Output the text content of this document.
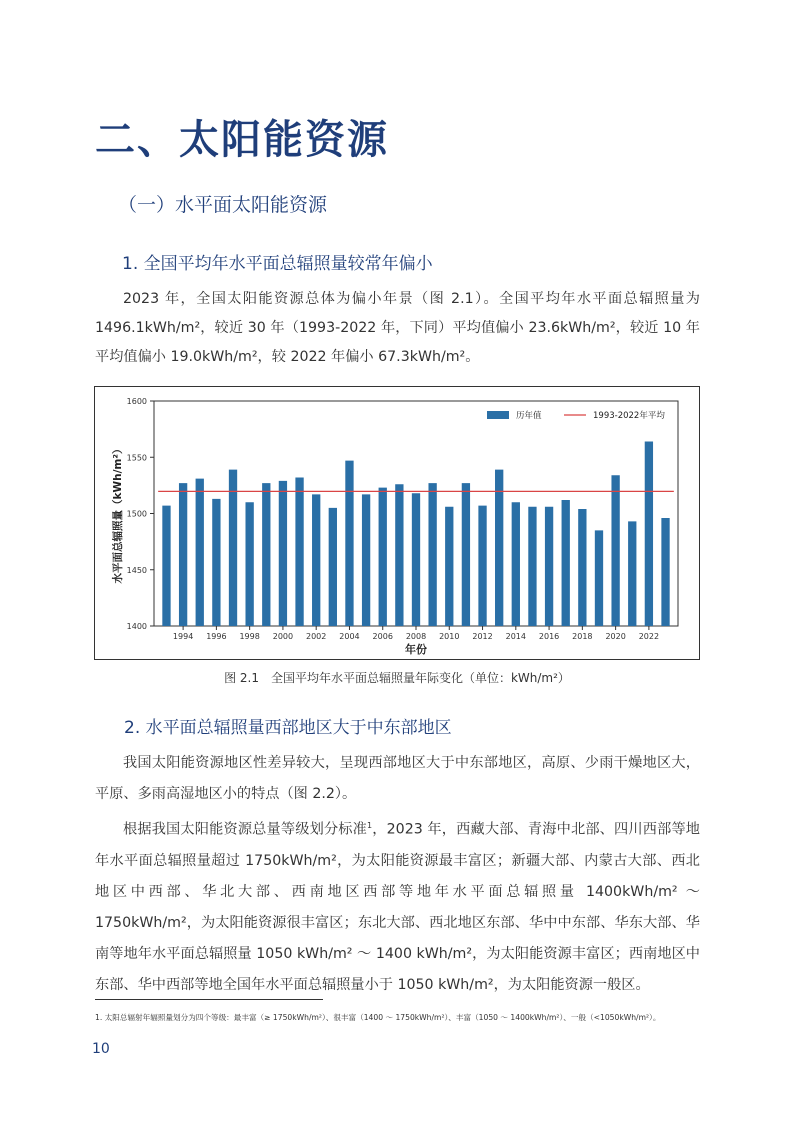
二、太阳能资源
（一）水平面太阳能资源
1. 全国平均年水平面总辐照量较常年偏小

2023 年，全国太阳能资源总体为偏小年景（图 2.1）。全国平均年水平面总辐照量为 1496.1kWh/m²，较近 30 年（1993-2022 年，下同）平均值偏小 23.6kWh/m²，较近 10 年平均值偏小 19.0kWh/m²，较 2022 年偏小 67.3kWh/m²。

1400
1450
1500
1550
1600
1994 1996 1998 2000 2002 2004 2006 2008 2010 2012 2014 2016 2018 2020 2022
年份
水平面总辐照量（kWh/m²）
历年值	1993-2022年平均
图 2.1　全国平均年水平面总辐照量年际变化（单位：kWh/m²）
2. 水平面总辐照量西部地区大于中东部地区

我国太阳能资源地区性差异较大，呈现西部地区大于中东部地区，高原、少雨干燥地区大，平原、多雨高湿地区小的特点（图 2.2）。

根据我国太阳能资源总量等级划分标准$^1$，2023 年，西藏大部、青海中北部、四川西部等地年水平面总辐照量超过 1750kWh/m²，为太阳能资源最丰富区；新疆大部、内蒙古大部、西北地区中西部、华北大部、西南地区西部等地年水平面总辐照量 1400kWh/m² ～ 1750kWh/m²，为太阳能资源很丰富区；东北大部、西北地区东部、华中中东部、华东大部、华南等地年水平面总辐照量 1050 kWh/m² ～ 1400 kWh/m²，为太阳能资源丰富区；西南地区中东部、华中西部等地全国年水平面总辐照量小于 1050 kWh/m²，为太阳能资源一般区。

1. 太阳总辐射年辐照量划分为四个等级：最丰富（≥ 1750kWh/m²）、很丰富（1400 ～ 1750kWh/m²）、丰富（1050 ～ 1400kWh/m²）、一般（<1050kWh/m²）。
10
